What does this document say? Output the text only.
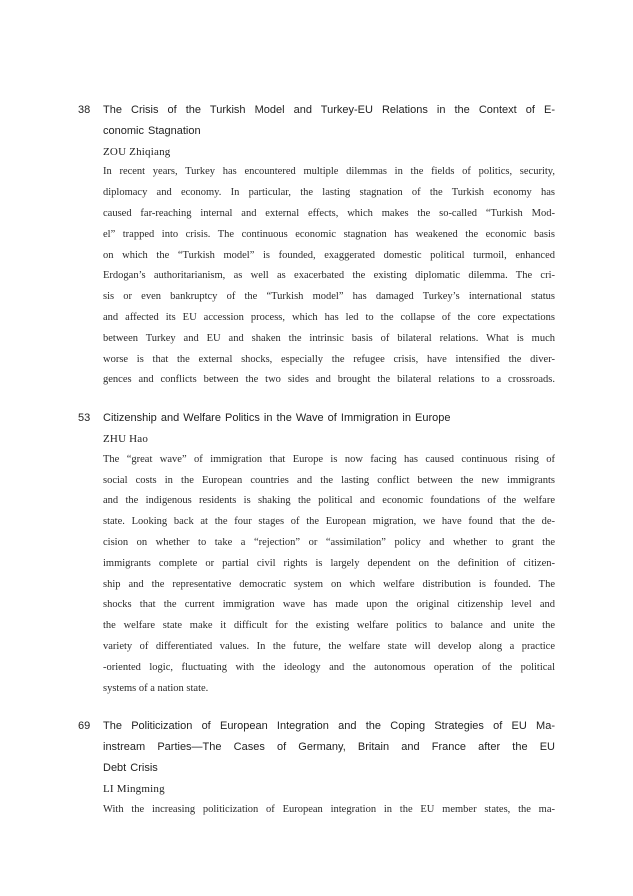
38	The Crisis of the Turkish Model and Turkey-EU Relations in the Context of E-
conomic Stagnation
ZOU Zhiqiang
In recent years, Turkey has encountered multiple dilemmas in the fields of politics, security,
diplomacy and economy. In particular, the lasting stagnation of the Turkish economy has
caused far-reaching internal and external effects, which makes the so-called “Turkish Mod-
el” trapped into crisis. The continuous economic stagnation has weakened the economic basis
on which the “Turkish model” is founded, exaggerated domestic political turmoil, enhanced
Erdogan’s authoritarianism, as well as exacerbated the existing diplomatic dilemma. The cri-
sis or even bankruptcy of the “Turkish model” has damaged Turkey’s international status
and affected its EU accession process, which has led to the collapse of the core expectations
between Turkey and EU and shaken the intrinsic basis of bilateral relations. What is much
worse is that the external shocks, especially the refugee crisis, have intensified the diver-
gences and conflicts between the two sides and brought the bilateral relations to a crossroads.
53	Citizenship and Welfare Politics in the Wave of Immigration in Europe
ZHU Hao
The “great wave” of immigration that Europe is now facing has caused continuous rising of
social costs in the European countries and the lasting conflict between the new immigrants
and the indigenous residents is shaking the political and economic foundations of the welfare
state. Looking back at the four stages of the European migration, we have found that the de-
cision on whether to take a “rejection” or “assimilation” policy and whether to grant the
immigrants complete or partial civil rights is largely dependent on the definition of citizen-
ship and the representative democratic system on which welfare distribution is founded. The
shocks that the current immigration wave has made upon the original citizenship level and
the welfare state make it difficult for the existing welfare politics to balance and unite the
variety of differentiated values. In the future, the welfare state will develop along a practice
-oriented logic, fluctuating with the ideology and the autonomous operation of the political
systems of a nation state.
69	The Politicization of European Integration and the Coping Strategies of EU Ma-
instream Parties—The Cases of Germany, Britain and France after the EU
Debt Crisis
LI Mingming
With the increasing politicization of European integration in the EU member states, the ma-
